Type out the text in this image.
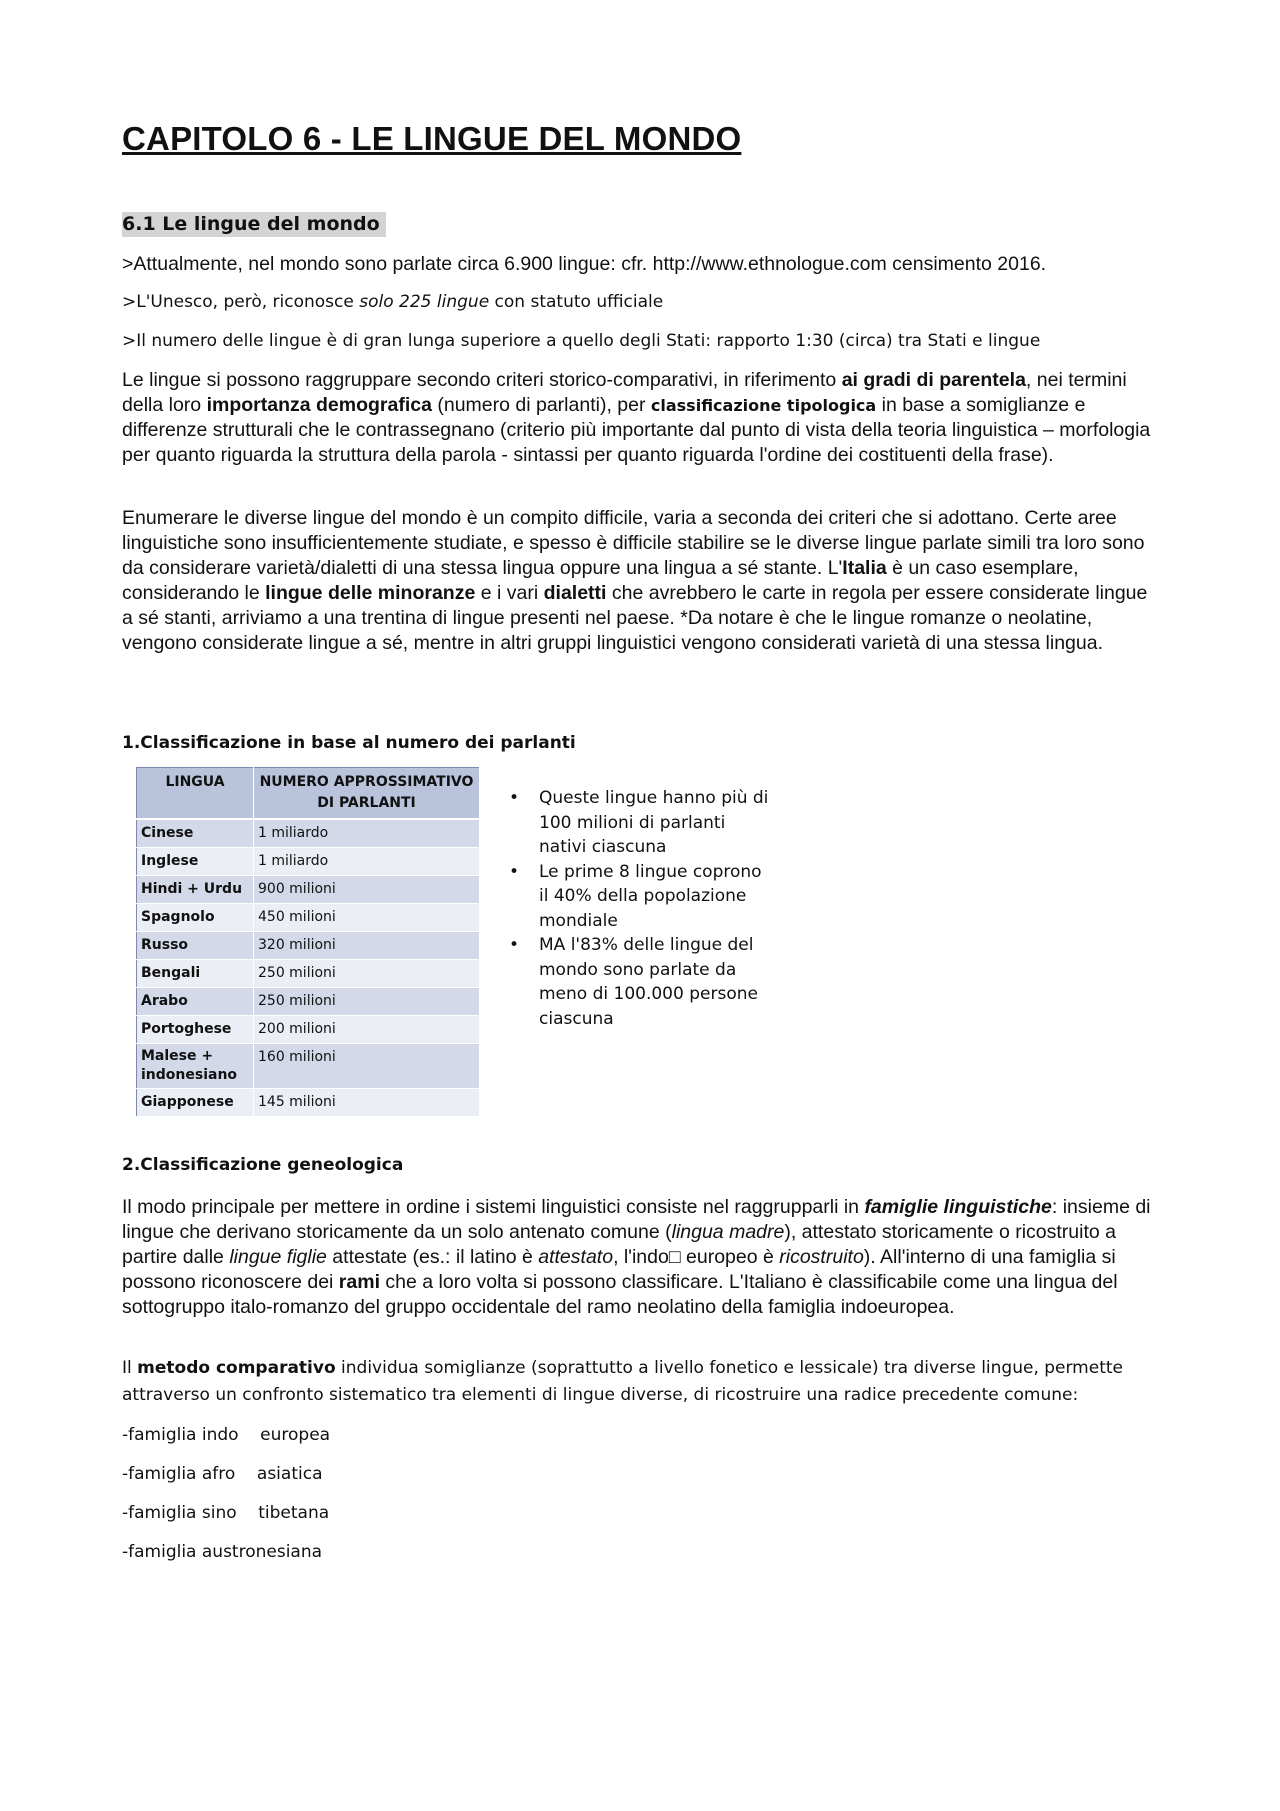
CAPITOLO 6 - LE LINGUE DEL MONDO
6.1 Le lingue del mondo

>Attualmente, nel mondo sono parlate circa 6.900 lingue: cfr. http://www.ethnologue.com censimento 2016.

>L'Unesco, però, riconosce solo 225 lingue con statuto ufficiale

>Il numero delle lingue è di gran lunga superiore a quello degli Stati: rapporto 1:30 (circa) tra Stati e lingue

Le lingue si possono raggruppare secondo criteri storico-comparativi, in riferimento ai gradi di parentela, nei termini della loro importanza demografica (numero di parlanti), per classificazione tipologica in base a somiglianze e differenze strutturali che le contrassegnano (criterio più importante dal punto di vista della teoria linguistica – morfologia per quanto riguarda la struttura della parola - sintassi per quanto riguarda l'ordine dei costituenti della frase).

Enumerare le diverse lingue del mondo è un compito difficile, varia a seconda dei criteri che si adottano. Certe aree linguistiche sono insufficientemente studiate, e spesso è difficile stabilire se le diverse lingue parlate simili tra loro sono da considerare varietà/dialetti di una stessa lingua oppure una lingua a sé stante. L'Italia è un caso esemplare, considerando le lingue delle minoranze e i vari dialetti che avrebbero le carte in regola per essere considerate lingue a sé stanti, arriviamo a una trentina di lingue presenti nel paese. *Da notare è che le lingue romanze o neolatine, vengono considerate lingue a sé, mentre in altri gruppi linguistici vengono considerati varietà di una stessa lingua.

1.Classificazione in base al numero dei parlanti

LINGUA	NUMERO APPROSSIMATIVO DI PARLANTI
Cinese	1 miliardo
Inglese	1 miliardo
Hindi + Urdu	900 milioni
Spagnolo	450 milioni
Russo	320 milioni
Bengali	250 milioni
Arabo	250 milioni
Portoghese	200 milioni
Malese + indonesiano	160 milioni
Giapponese	145 milioni
• Queste lingue hanno più di 100 milioni di parlanti nativi ciascuna
• Le prime 8 lingue coprono il 40% della popolazione mondiale
• MA l'83% delle lingue del mondo sono parlate da meno di 100.000 persone ciascuna

2.Classificazione geneologica

Il modo principale per mettere in ordine i sistemi linguistici consiste nel raggrupparli in famiglie linguistiche: insieme di lingue che derivano storicamente da un solo antenato comune (lingua madre), attestato storicamente o ricostruito a partire dalle lingue figlie attestate (es.: il latino è attestato, l'indo□ europeo è ricostruito). All'interno di una famiglia si possono riconoscere dei rami che a loro volta si possono classificare. L'Italiano è classificabile come una lingua del sottogruppo italo-romanzo del gruppo occidentale del ramo neolatino della famiglia indoeuropea.

Il metodo comparativo individua somiglianze (soprattutto a livello fonetico e lessicale) tra diverse lingue, permette attraverso un confronto sistematico tra elementi di lingue diverse, di ricostruire una radice precedente comune:

-famiglia indo    europea

-famiglia afro    asiatica

-famiglia sino    tibetana

-famiglia austronesiana
